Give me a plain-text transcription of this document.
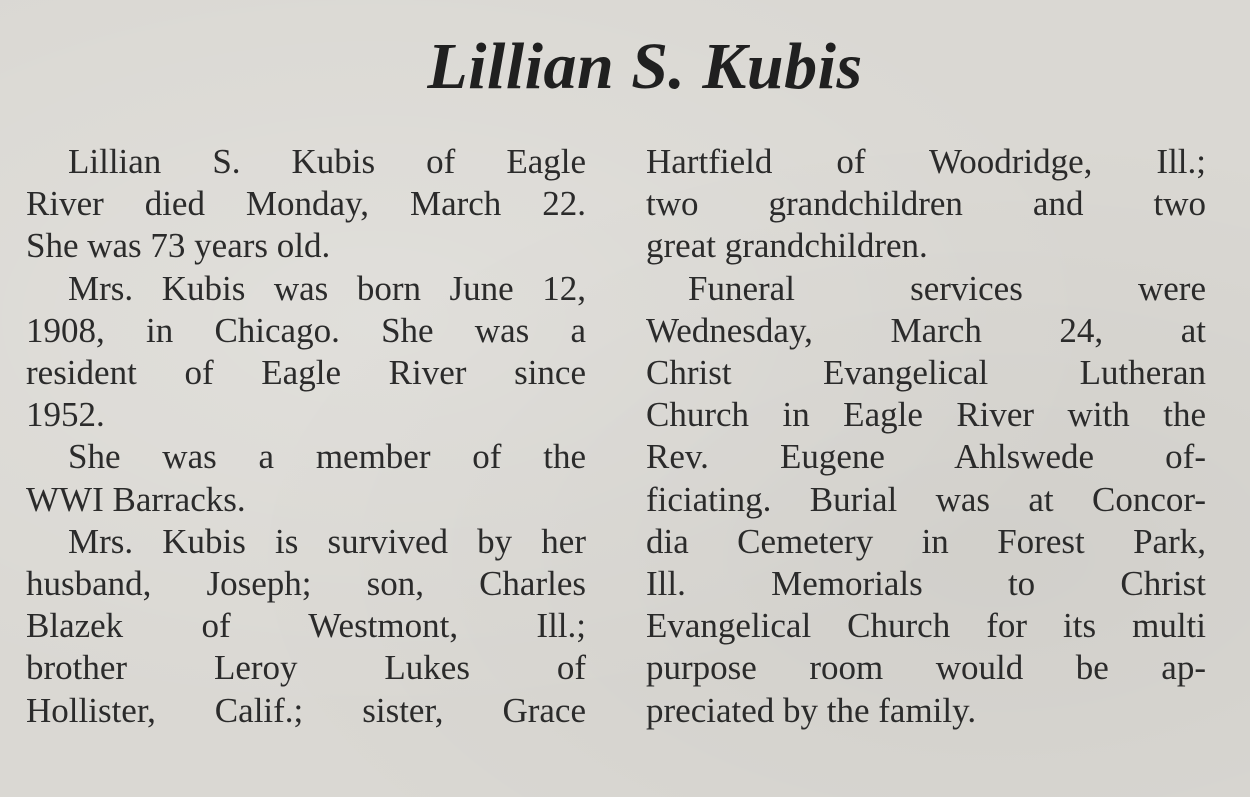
Lillian S. Kubis
Lillian S. Kubis of Eagle
River died Monday, March 22.
She was 73 years old.
Mrs. Kubis was born June 12,
1908, in Chicago. She was a
resident of Eagle River since
1952.
She was a member of the
WWI Barracks.
Mrs. Kubis is survived by her
husband, Joseph; son, Charles
Blazek of Westmont, Ill.;
brother Leroy Lukes of
Hollister, Calif.; sister, Grace
Hartfield of Woodridge, Ill.;
two grandchildren and two
great grandchildren.
Funeral services were
Wednesday, March 24, at
Christ Evangelical Lutheran
Church in Eagle River with the
Rev. Eugene Ahlswede of-
ficiating. Burial was at Concor-
dia Cemetery in Forest Park,
Ill. Memorials to Christ
Evangelical Church for its multi
purpose room would be ap-
preciated by the family.
